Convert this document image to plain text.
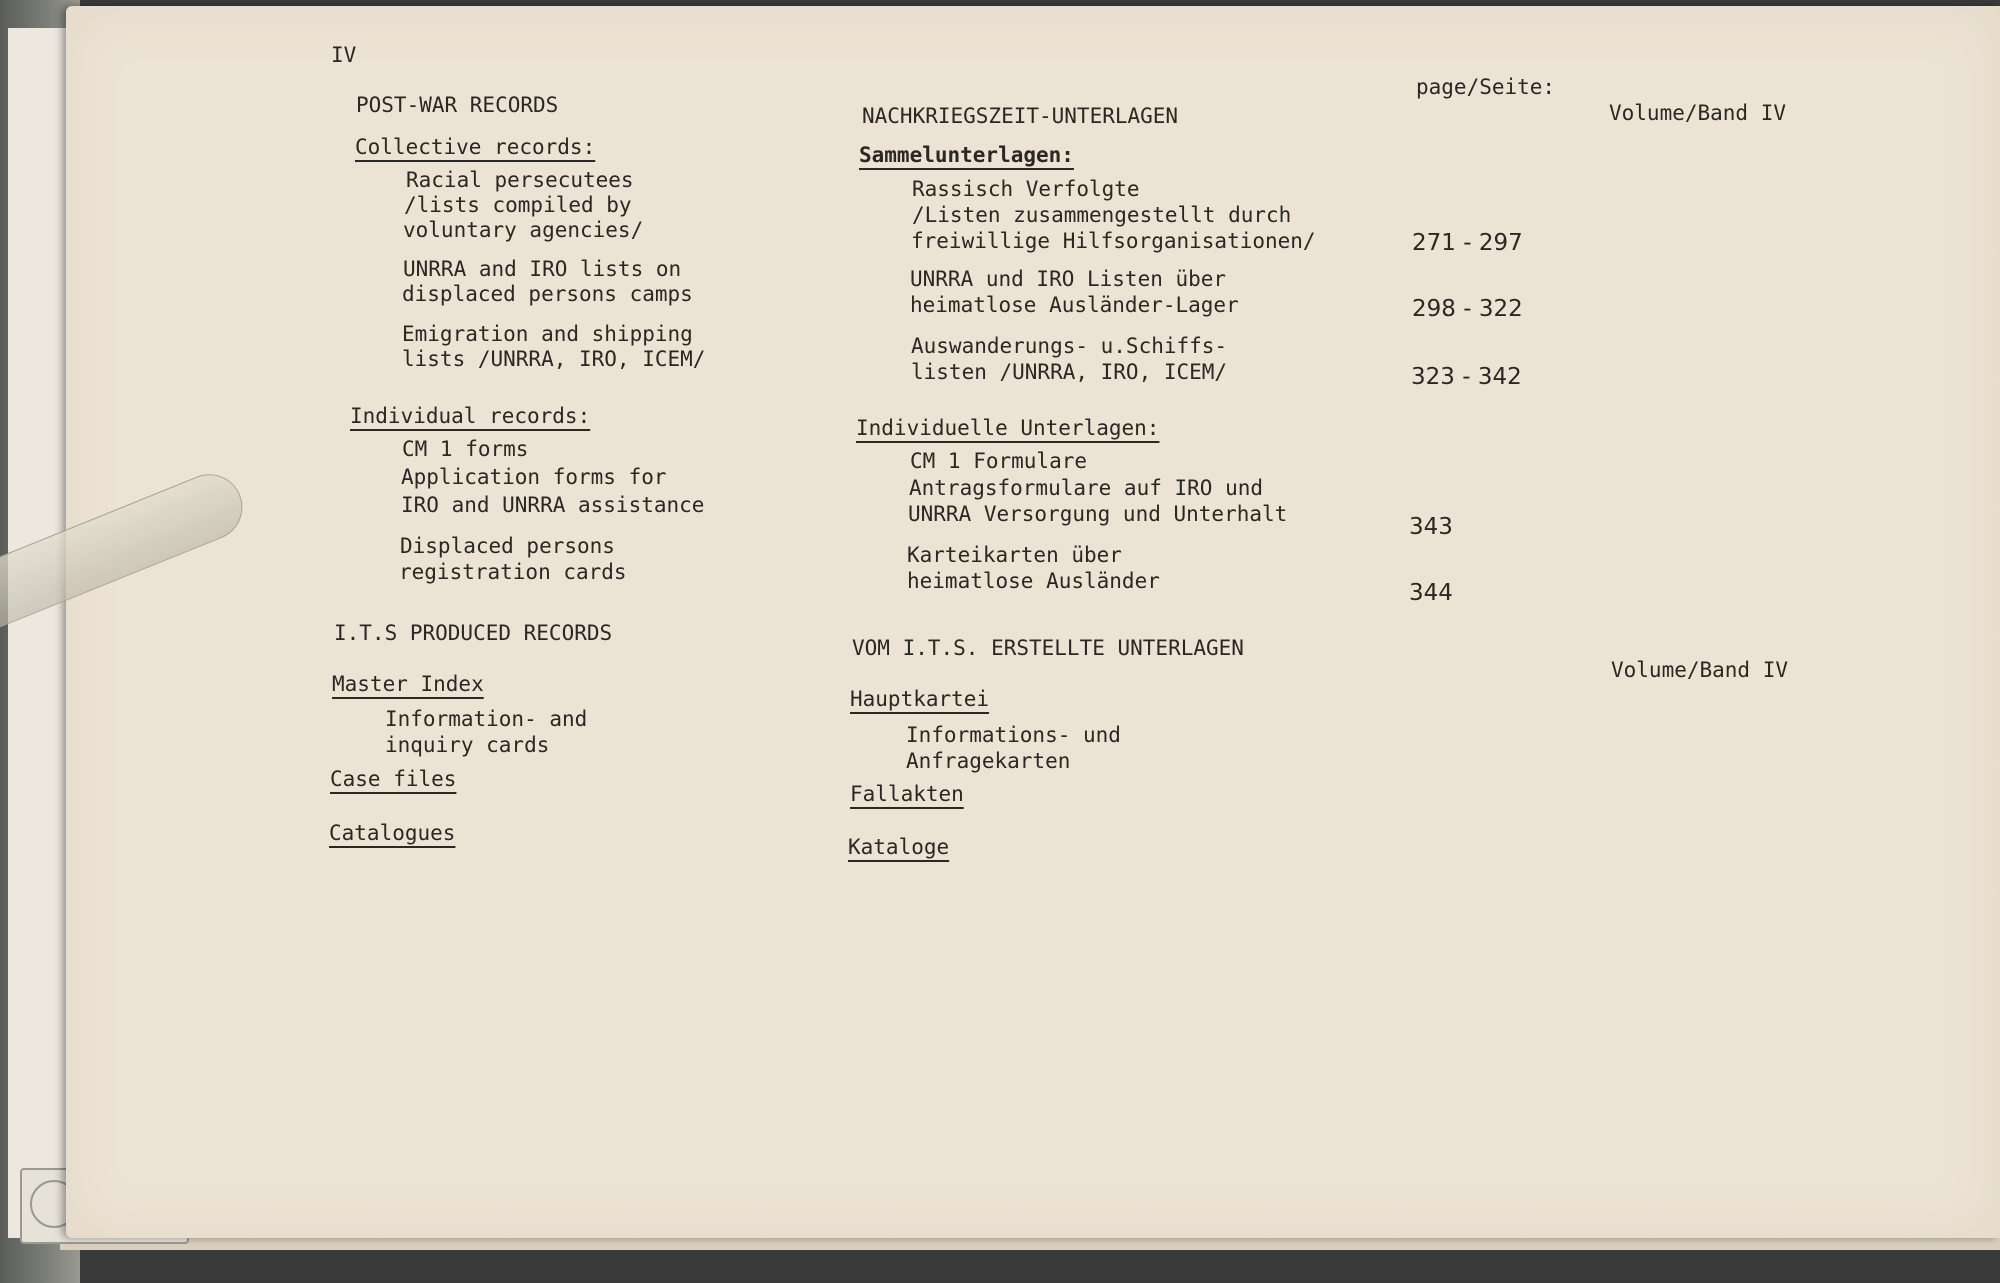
IV
page/Seite:
Volume/Band IV
POST-WAR RECORDS
Collective records:
Racial persecutees
/lists compiled by
voluntary agencies/
UNRRA and IRO lists on
displaced persons camps
Emigration and shipping
lists /UNRRA, IRO, ICEM/
Individual records:
CM 1 forms
Application forms for
IRO and UNRRA assistance
Displaced persons
registration cards
I.T.S PRODUCED RECORDS
Master Index
Information- and
inquiry cards
Case files
Catalogues
NACHKRIEGSZEIT-UNTERLAGEN
Sammelunterlagen:
Rassisch Verfolgte
/Listen zusammengestellt durch
freiwillige Hilfsorganisationen/
UNRRA und IRO Listen über
heimatlose Ausländer-Lager
Auswanderungs- u.Schiffs-
listen /UNRRA, IRO, ICEM/
Individuelle Unterlagen:
CM 1 Formulare
Antragsformulare auf IRO und
UNRRA Versorgung und Unterhalt
Karteikarten über
heimatlose Ausländer
VOM I.T.S. ERSTELLTE UNTERLAGEN
Volume/Band IV
Hauptkartei
Informations- und
Anfragekarten
Fallakten
Kataloge
271 - 297
298 - 322
323 - 342
343
344
